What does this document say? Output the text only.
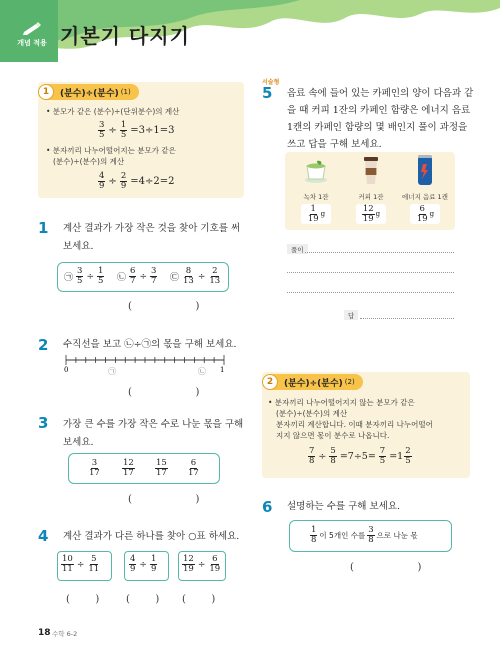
개념 적용 기본기 다지기
(분수)÷(분수) (1)
1
• 분모가 같은 (분수)÷(단위분수)의 계산
$\frac{3}{5} \div \frac{1}{5} =3\div 1=3$
• 분자끼리 나누어떨어지는 분모가 같은
(분수)÷(분수)의 계산
$\frac{4}{9} \div \frac{2}{9} =4\div 2=2$
1 계산 결과가 가장 작은 것을 찾아 기호를 써
보세요.
㉠ $\frac{3}{5} \div \frac{1}{5}$ ㉡ $\frac{6}{7} \div \frac{3}{7}$ ㉢ $\frac{8}{13} \div \frac{2}{13}$
(                    )
2 수직선을 보고 ㉡÷㉠의 몫을 구해 보세요.
0	1
㉠	㉡
(                    )
3 가장 큰 수를 가장 작은 수로 나눈 몫을 구해
보세요.
$\frac{3}{17} \frac{12}{17} \frac{15}{17} \frac{6}{17}$
(                    )
4 계산 결과가 다른 하나를 찾아 ○표 하세요.
$\frac{10}{11} \div \frac{5}{11}$	$\frac{4}{9} \div \frac{1}{9}$	$\frac{12}{19} \div \frac{6}{19}$
(        )	(        ) (        )
서술형
5 음료 속에 들어 있는 카페인의 양이 다음과 같
을 때 커피 1잔의 카페인 함량은 에너지 음료
1캔의 카페인 함량의 몇 배인지 풀이 과정을
쓰고 답을 구해 보세요.
녹차 1잔	커피 1잔	에너지 음료 1캔
$\frac{1}{19}$ g	$\frac{12}{19}$ g	$\frac{6}{19}$ g
풀이
답
(분수)÷(분수) (2)
2
• 분자끼리 나누어떨어지지 않는 분모가 같은
(분수)÷(분수)의 계산
분자끼리 계산합니다. 이때 분자끼리 나누어떨어
지지 않으면 몫이 분수로 나옵니다.
$\frac{7}{8} \div \frac{5}{8} =7\div 5= \frac{7}{5} =1 \frac{2}{5}$
6 설명하는 수를 구해 보세요.
$\frac{1}{8}$ 이 5개인 수를 $\frac{3}{8}$ 으로 나눈 몫
(                    )
18 수학 6-2
